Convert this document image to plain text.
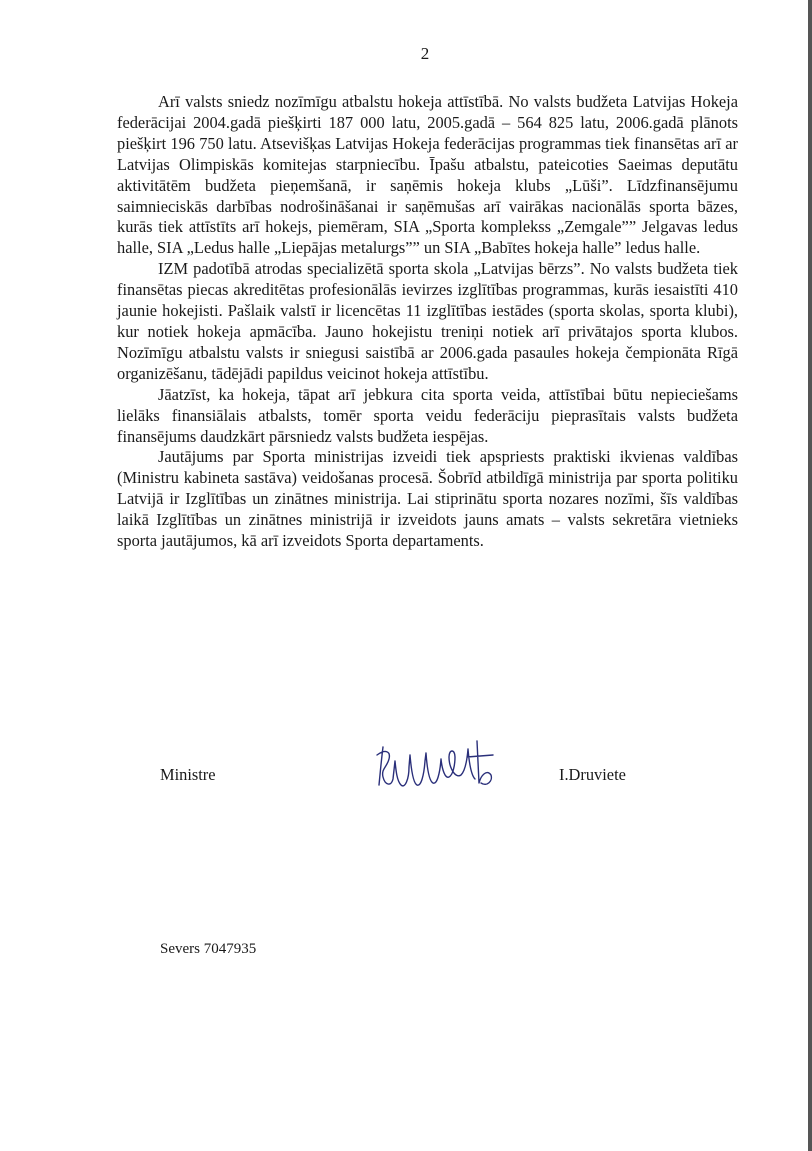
2

Arī valsts sniedz nozīmīgu atbalstu hokeja attīstībā. No valsts budžeta Latvijas Hokeja federācijai 2004.gadā piešķirti 187 000 latu, 2005.gadā – 564 825 latu, 2006.gadā plānots piešķirt 196 750 latu. Atsevišķas Latvijas Hokeja federācijas programmas tiek finansētas arī ar Latvijas Olimpiskās komitejas starpniecību. Īpašu atbalstu, pateicoties Saeimas deputātu aktivitātēm budžeta pieņemšanā, ir saņēmis hokeja klubs „Lūši”. Līdzfinansējumu saimnieciskās darbības nodrošināšanai ir saņēmušas arī vairākas nacionālās sporta bāzes, kurās tiek attīstīts arī hokejs, piemēram, SIA „Sporta komplekss „Zemgale”” Jelgavas ledus halle, SIA „Ledus halle „Liepājas metalurgs”” un SIA „Babītes hokeja halle” ledus halle.

IZM padotībā atrodas specializētā sporta skola „Latvijas bērzs”. No valsts budžeta tiek finansētas piecas akreditētas profesionālās ievirzes izglītības programmas, kurās iesaistīti 410 jaunie hokejisti. Pašlaik valstī ir licencētas 11 izglītības iestādes (sporta skolas, sporta klubi), kur notiek hokeja apmācība. Jauno hokejistu treniņi notiek arī privātajos sporta klubos. Nozīmīgu atbalstu valsts ir sniegusi saistībā ar 2006.gada pasaules hokeja čempionāta Rīgā organizēšanu, tādējādi papildus veicinot hokeja attīstību.

Jāatzīst, ka hokeja, tāpat arī jebkura cita sporta veida, attīstībai būtu nepieciešams lielāks finansiālais atbalsts, tomēr sporta veidu federāciju pieprasītais valsts budžeta finansējums daudzkārt pārsniedz valsts budžeta iespējas.

Jautājums par Sporta ministrijas izveidi tiek apspriests praktiski ikvienas valdības (Ministru kabineta sastāva) veidošanas procesā. Šobrīd atbildīgā ministrija par sporta politiku Latvijā ir Izglītības un zinātnes ministrija. Lai stiprinātu sporta nozares nozīmi, šīs valdības laikā Izglītības un zinātnes ministrijā ir izveidots jauns amats – valsts sekretāra vietnieks sporta jautājumos, kā arī izveidots Sporta departaments.

Ministre	I.Druviete
Severs 7047935
